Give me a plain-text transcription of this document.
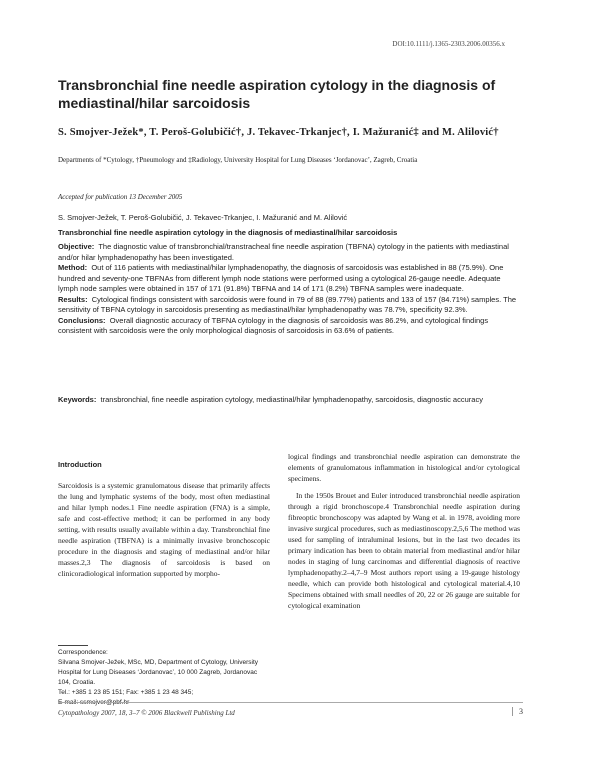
DOI:10.1111/j.1365-2303.2006.00356.x
Transbronchial fine needle aspiration cytology in the diagnosis of mediastinal/hilar sarcoidosis
S. Smojver-Ježek*, T. Peroš-Golubičić†, J. Tekavec-Trkanjec†, I. Mažuranić‡ and M. Alilović†
Departments of *Cytology, †Pneumology and ‡Radiology, University Hospital for Lung Diseases ‘Jordanovac’, Zagreb, Croatia
Accepted for publication 13 December 2005
S. Smojver-Ježek, T. Peroš-Golubičić, J. Tekavec-Trkanjec, I. Mažuranić and M. Alilović
Transbronchial fine needle aspiration cytology in the diagnosis of mediastinal/hilar sarcoidosis

Objective: The diagnostic value of transbronchial/transtracheal fine needle aspiration (TBFNA) cytology in the patients with mediastinal and/or hilar lymphadenopathy has been investigated.

Method: Out of 116 patients with mediastinal/hilar lymphadenopathy, the diagnosis of sarcoidosis was established in 88 (75.9%). One hundred and seventy-one TBFNAs from different lymph node stations were performed using a cytological 26-gauge needle. Adequate lymph node samples were obtained in 157 of 171 (91.8%) TBFNA and 14 of 171 (8.2%) TBFNA samples were inadequate.

Results: Cytological findings consistent with sarcoidosis were found in 79 of 88 (89.77%) patients and 133 of 157 (84.71%) samples. The sensitivity of TBFNA cytology in sarcoidosis presenting as mediastinal/hilar lymphadenopathy was 78.7%, specificity 92.3%.

Conclusions: Overall diagnostic accuracy of TBFNA cytology in the diagnosis of sarcoidosis was 86.2%, and cytological findings consistent with sarcoidosis were the only morphological diagnosis of sarcoidosis in 63.6% of patients.

Keywords: transbronchial, fine needle aspiration cytology, mediastinal/hilar lymphadenopathy, sarcoidosis, diagnostic accuracy
Introduction

Sarcoidosis is a systemic granulomatous disease that primarily affects the lung and lymphatic systems of the body, most often mediastinal and hilar lymph nodes.1 Fine needle aspiration (FNA) is a simple, safe and cost-effective method; it can be performed in any body setting, with results usually available within a day. Transbronchial fine needle aspiration (TBFNA) is a minimally invasive bronchoscopic procedure in the diagnosis and staging of mediastinal and/or hilar masses.2,3 The diagnosis of sarcoidosis is based on clinicoradiological information supported by morpho-

logical findings and transbronchial needle aspiration can demonstrate the elements of granulomatous inflammation in histological and/or cytological specimens.

In the 1950s Brouet and Euler introduced transbronchial needle aspiration through a rigid bronchoscope.4 Transbronchial needle aspiration during fibreoptic bronchoscopy was adapted by Wang et al. in 1978, avoiding more invasive surgical procedures, such as mediastinoscopy.2,5,6 The method was used for sampling of intraluminal lesions, but in the last two decades its primary indication has been to obtain material from mediastinal and/or hilar nodes in staging of lung carcinomas and differential diagnosis of reactive lymphadenopathy.2–4,7–9 Most authors report using a 19-gauge histology needle, which can provide both histological and cytological material.4,10 Specimens obtained with small needles of 20, 22 or 26 gauge are suitable for cytological examination

Correspondence:
Silvana Smojver-Ježek, MSc, MD, Department of Cytology, University Hospital for Lung Diseases ‘Jordanovac’, 10 000 Zagreb, Jordanovac 104, Croatia.
Tel.: +385 1 23 85 151; Fax: +385 1 23 48 345;
E-mail: ssmojver@pbf.hr
Cytopathology 2007, 18, 3–7 © 2006 Blackwell Publishing Ltd	3
